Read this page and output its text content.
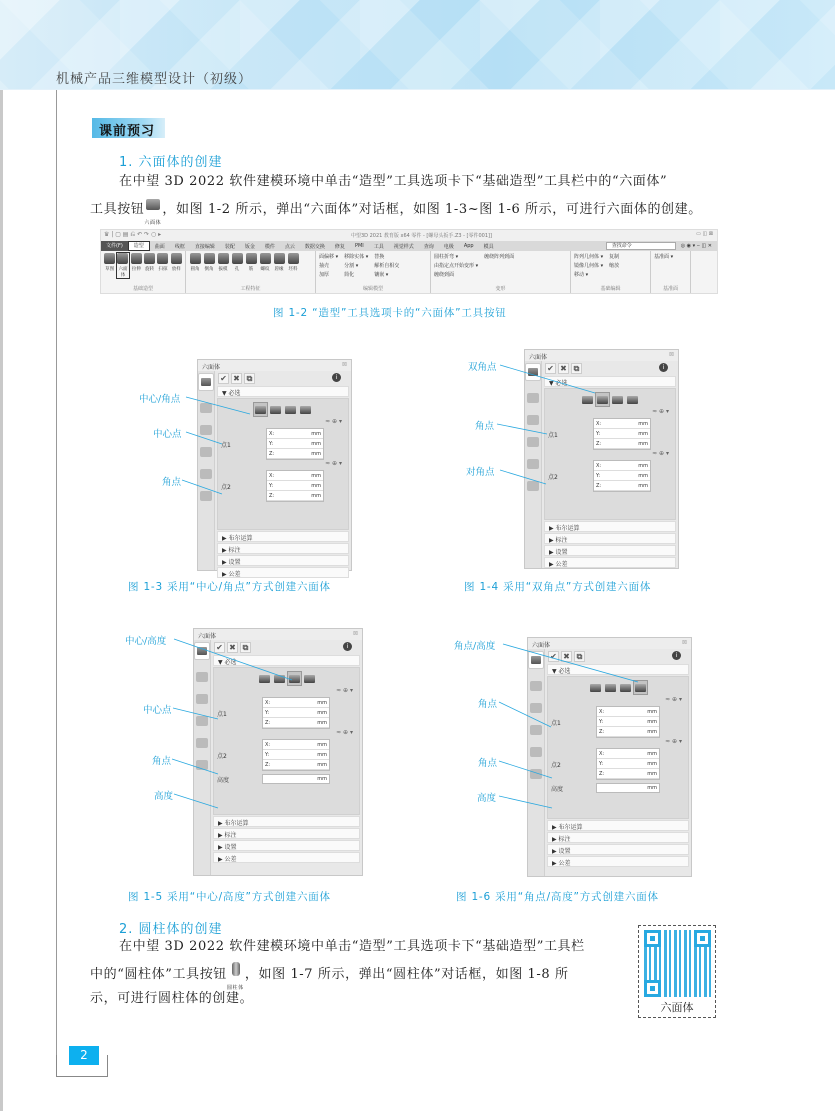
机械产品三维模型设计（初级）
课前预习
1. 六面体的创建
在中望 3D 2022 软件建模环境中单击“造型”工具选项卡下“基础造型”工具栏中的“六面体”
工具按钮
六面体
，如图 1-2 所示，弹出“六面体”对话框，如图 1-3~图 1-6 所示，可进行六面体的创建。
♛ | ▢ ▤ ⎌ ↶ ↷ ○ ▸	中望3D 2021 教育版 x64 零件 - [螺母头扳手.Z3 - [零件001]]	▭ ◫ ⊠
文件(F)	造型	曲面	线框	直接编辑	装配	钣金	模件	点云	数据交换	修复	PMI	工具	视觉样式	查询	电极	App	模具	查找命令	◎ ◉ ▾ ‒ ◫ ✕
草图 六面体
拉伸 旋转 扫掠 放样
基础造型
圆角	倒角	拔模	孔	筋	螺纹	唇缘	坯料
工程特征
面偏移 ▾
抽壳
加厚
移除实体 ▾
分割 ▾
简化
替换
解析自相交
镶嵌 ▾
编辑模型
圆柱折弯 ▾
由指定点开始变形 ▾
缠绕到面
缠绕阵列到面
变形
阵列几何体 ▾
镜像几何体 ▾
移动 ▾
复制
缩放
基础编辑
基准面 ▾
基准面
图 1-2 “造型”工具选项卡的“六面体”工具按钮
六面体	⊠
✔ ✖ ⧉	i
▼ 必选
≈ ⊕ ▾
点1
X:	mm
Y:	mm
Z:	mm
≈ ⊕ ▾
点2
X:	mm
Y:	mm
Z:	mm
▶ 布尔运算
▶ 标注
▶ 设置
▶ 公差
中心/角点
中心点
角点
图 1-3 采用“中心/角点”方式创建六面体
六面体	⊠
✔ ✖ ⧉	i
▼ 必选
≈ ⊕ ▾
点1
X:	mm
Y:	mm
Z:	mm
≈ ⊕ ▾
点2
X:	mm
Y:	mm
Z:	mm
▶ 布尔运算
▶ 标注
▶ 设置
▶ 公差
双角点
角点
对角点
图 1-4 采用“双角点”方式创建六面体
六面体	⊠
✔ ✖ ⧉	i
▼ 必选
≈ ⊕ ▾
点1
X:	mm
Y:	mm
Z:	mm
≈ ⊕ ▾
点2
X:	mm
Y:	mm
Z:	mm
高度	mm
▶ 布尔运算
▶ 标注
▶ 设置
▶ 公差
中心/高度
中心点
角点
高度
图 1-5 采用“中心/高度”方式创建六面体
六面体	⊠
✔ ✖ ⧉	i
▼ 必选
≈ ⊕ ▾
点1
X:	mm
Y:	mm
Z:	mm
≈ ⊕ ▾
点2
X:	mm
Y:	mm
Z:	mm
高度	mm
▶ 布尔运算
▶ 标注
▶ 设置
▶ 公差
角点/高度
角点
角点
高度
图 1-6 采用“角点/高度”方式创建六面体
2. 圆柱体的创建
在中望 3D 2022 软件建模环境中单击“造型”工具选项卡下“基础造型”工具栏
中的“圆柱体”工具按钮
圆柱体
，如图 1-7 所示，弹出“圆柱体”对话框，如图 1-8 所
示，可进行圆柱体的创建。
六面体
2
